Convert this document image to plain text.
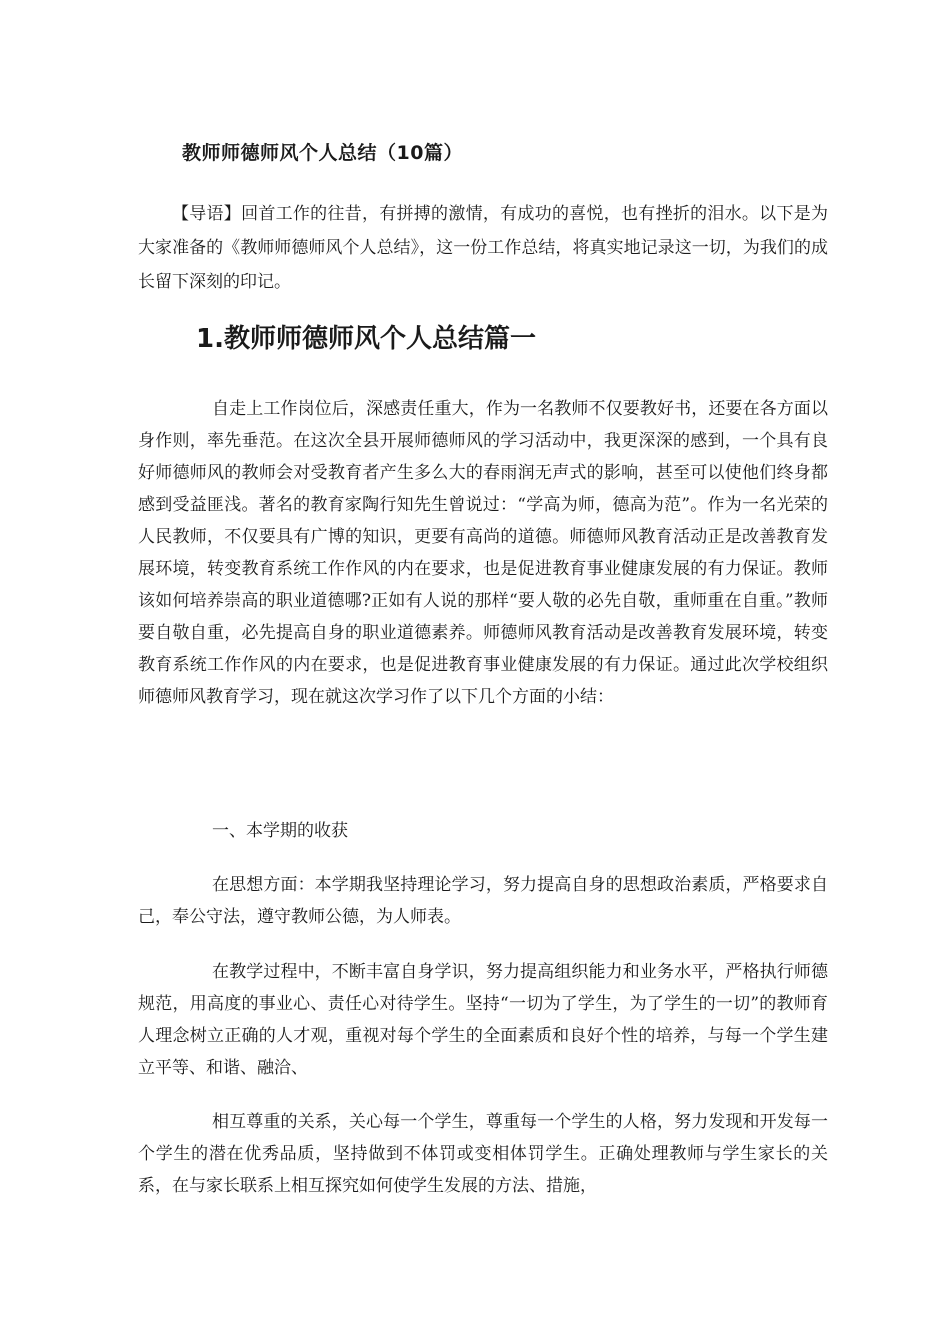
教师师德师风个人总结（10篇）

【导语】回首工作的往昔，有拼搏的激情，有成功的喜悦，也有挫折的泪水。以下是为大家准备的《教师师德师风个人总结》，这一份工作总结，将真实地记录这一切，为我们的成长留下深刻的印记。

1.教师师德师风个人总结篇一

自走上工作岗位后，深感责任重大，作为一名教师不仅要教好书，还要在各方面以身作则，率先垂范。在这次全县开展师德师风的学习活动中，我更深深的感到，一个具有良好师德师风的教师会对受教育者产生多么大的春雨润无声式的影响，甚至可以使他们终身都感到受益匪浅。著名的教育家陶行知先生曾说过：“学高为师，德高为范”。作为一名光荣的人民教师，不仅要具有广博的知识，更要有高尚的道德。师德师风教育活动正是改善教育发展环境，转变教育系统工作作风的内在要求，也是促进教育事业健康发展的有力保证。教师该如何培养崇高的职业道德哪?正如有人说的那样“要人敬的必先自敬，重师重在自重。”教师要自敬自重，必先提高自身的职业道德素养。师德师风教育活动是改善教育发展环境，转变教育系统工作作风的内在要求，也是促进教育事业健康发展的有力保证。通过此次学校组织师德师风教育学习，现在就这次学习作了以下几个方面的小结：

一、本学期的收获

在思想方面：本学期我坚持理论学习，努力提高自身的思想政治素质，严格要求自己，奉公守法，遵守教师公德，为人师表。

相互尊重的关系，关心每一个学生，尊重每一个学生的人格，努力发现和开发每一个学生的潜在优秀品质，坚持做到不体罚或变相体罚学生。正确处理教师与学生家长的关系，在与家长联系上相互探究如何使学生发展的方法、措施，

在教学过程中，不断丰富自身学识，努力提高组织能力和业务水平，严格执行师德规范，用高度的事业心、责任心对待学生。坚持“一切为了学生，为了学生的一切”的教师育人理念树立正确的人才观，重视对每个学生的全面素质和良好个性的培养，与每一个学生建立平等、和谐、融洽、
